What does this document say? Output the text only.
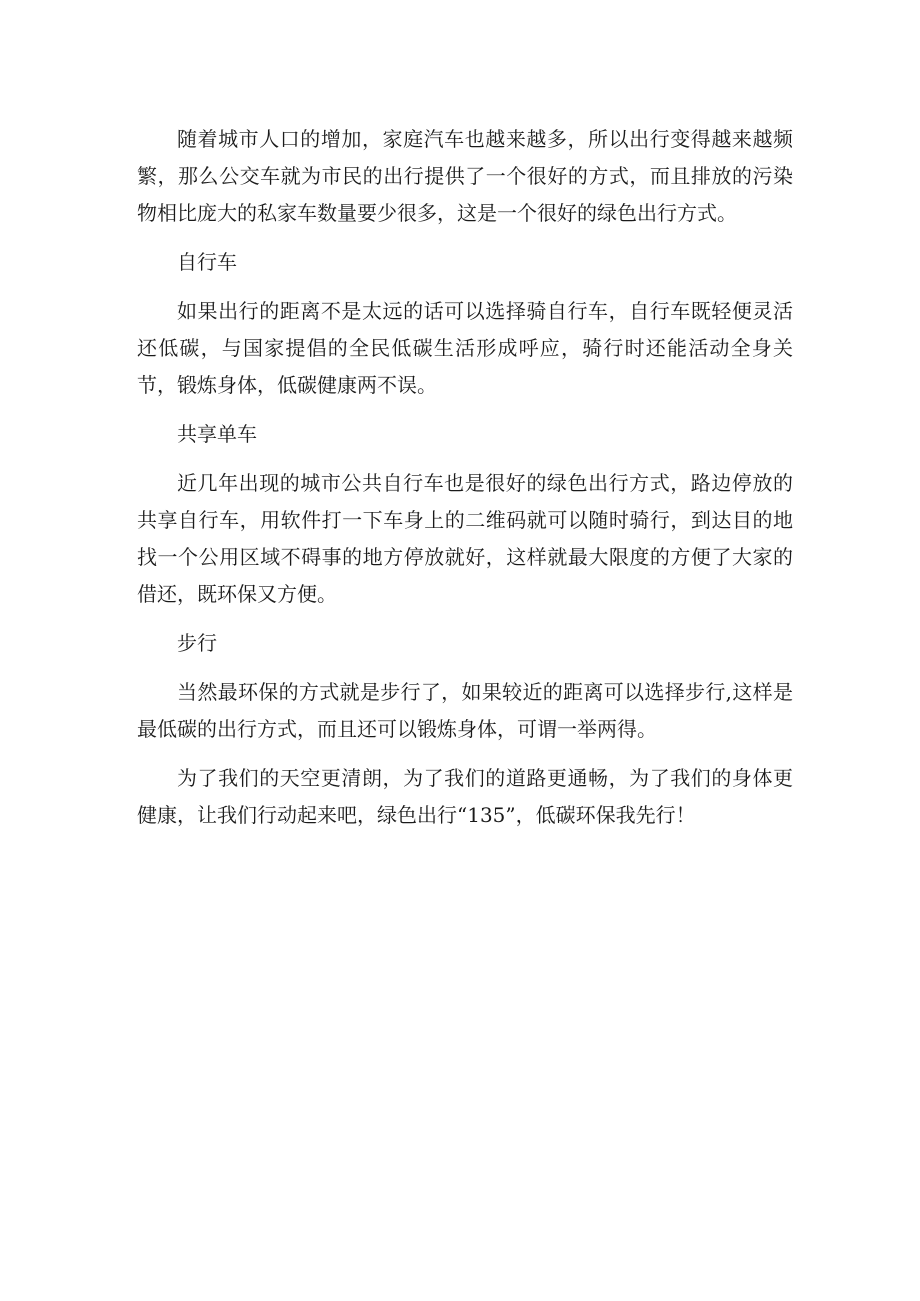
随着城市人口的增加，家庭汽车也越来越多，所以出行变得越来越频繁，那么公交车就为市民的出行提供了一个很好的方式，而且排放的污染物相比庞大的私家车数量要少很多，这是一个很好的绿色出行方式。

自行车

如果出行的距离不是太远的话可以选择骑自行车，自行车既轻便灵活还低碳，与国家提倡的全民低碳生活形成呼应，骑行时还能活动全身关节，锻炼身体，低碳健康两不误。

共享单车

近几年出现的城市公共自行车也是很好的绿色出行方式，路边停放的共享自行车，用软件打一下车身上的二维码就可以随时骑行，到达目的地找一个公用区域不碍事的地方停放就好，这样就最大限度的方便了大家的借还，既环保又方便。

步行

当然最环保的方式就是步行了，如果较近的距离可以选择步行,这样是最低碳的出行方式，而且还可以锻炼身体，可谓一举两得。

为了我们的天空更清朗，为了我们的道路更通畅，为了我们的身体更健康，让我们行动起来吧，绿色出行“135”，低碳环保我先行！
